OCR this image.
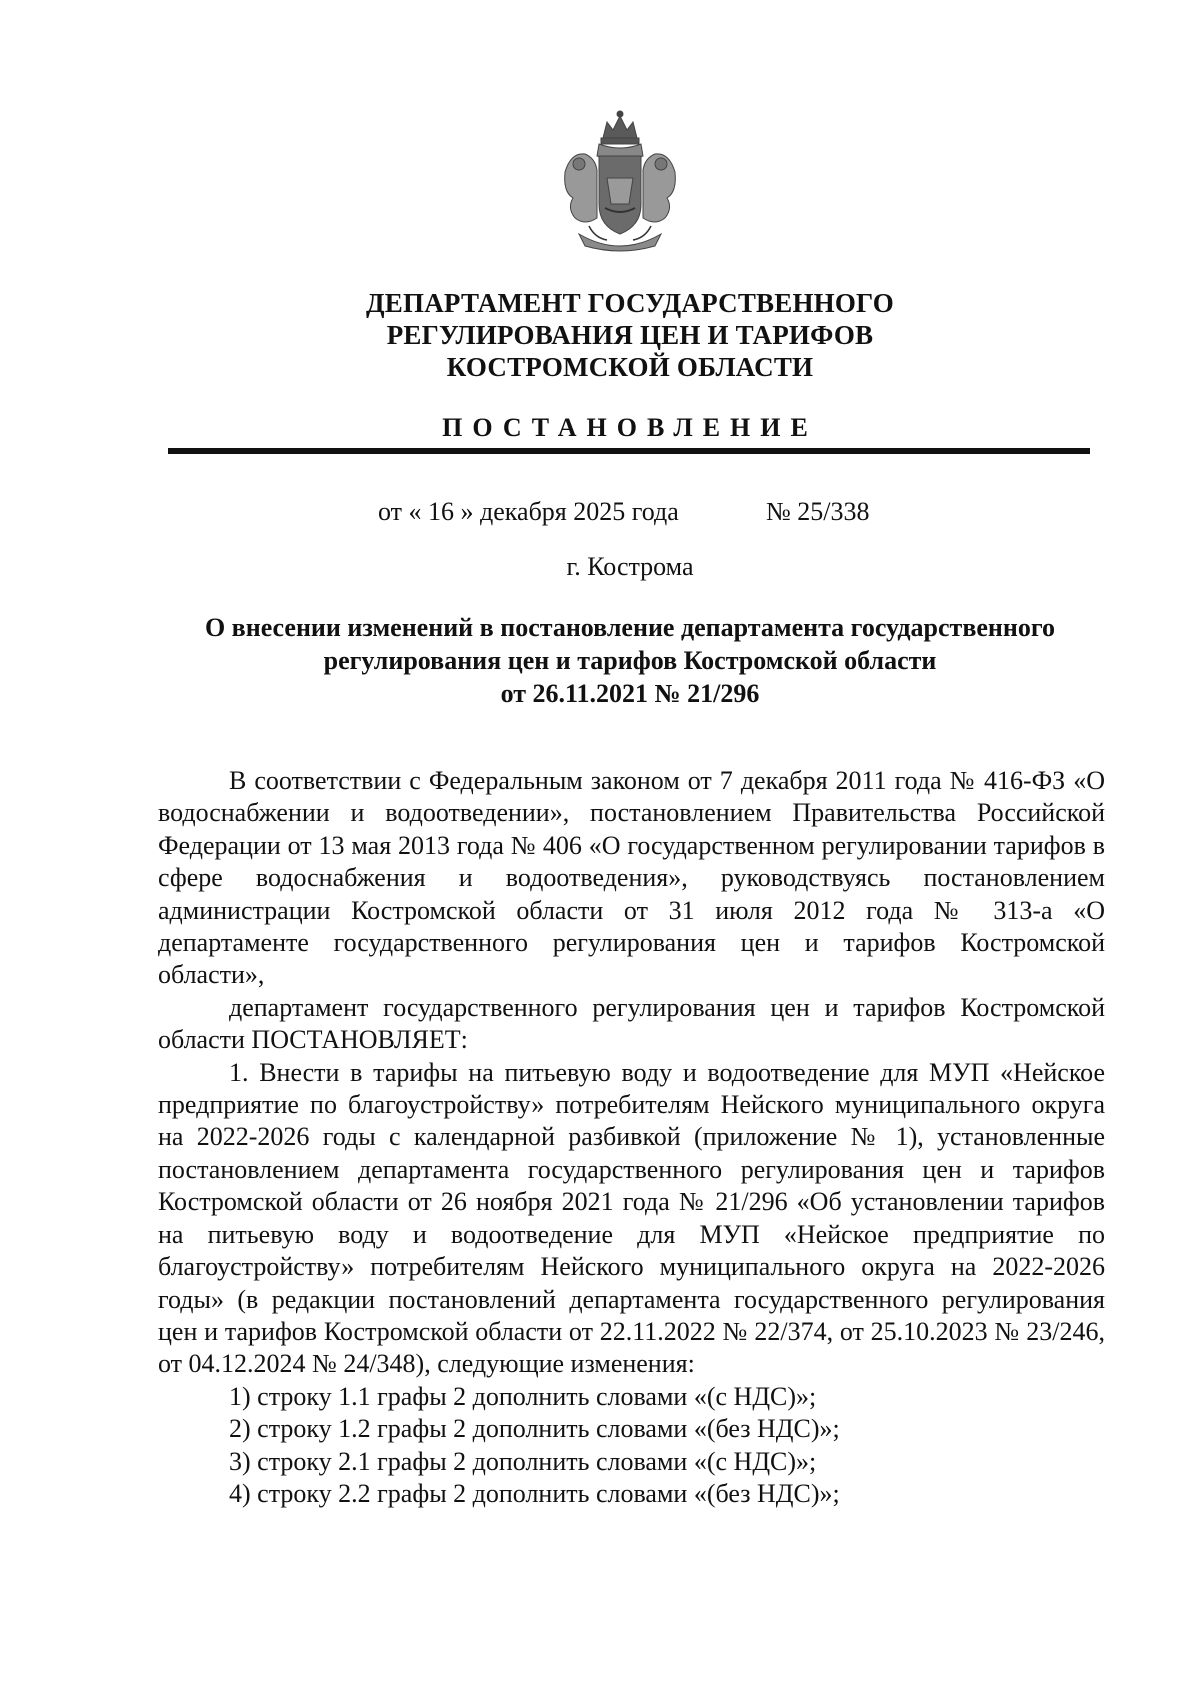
ДЕПАРТАМЕНТ ГОСУДАРСТВЕННОГО
РЕГУЛИРОВАНИЯ ЦЕН И ТАРИФОВ
КОСТРОМСКОЙ ОБЛАСТИ
ПОСТАНОВЛЕНИЕ
от « 16 » декабря 2025 года	№ 25/338
г. Кострома
О внесении изменений в постановление департамента государственного
регулирования цен и тарифов Костромской области
от 26.11.2021 № 21/296

В соответствии с Федеральным законом от 7 декабря 2011 года № 416-ФЗ «О водоснабжении и водоотведении», постановлением Правительства Российской Федерации от 13 мая 2013 года № 406 «О государственном регулировании тарифов в сфере водоснабжения и водоотведения», руководствуясь постановлением администрации Костромской области от 31 июля 2012 года № 313-а «О департаменте государственного регулирования цен и тарифов Костромской области»,

департамент государственного регулирования цен и тарифов Костромской области ПОСТАНОВЛЯЕТ:

1. Внести в тарифы на питьевую воду и водоотведение для МУП «Нейское предприятие по благоустройству» потребителям Нейского муниципального округа на 2022-2026 годы с календарной разбивкой (приложение № 1), установленные постановлением департамента государственного регулирования цен и тарифов Костромской области от 26 ноября 2021 года № 21/296 «Об установлении тарифов на питьевую воду и водоотведение для МУП «Нейское предприятие по благоустройству» потребителям Нейского муниципального округа на 2022-2026 годы» (в редакции постановлений департамента государственного регулирования цен и тарифов Костромской области от 22.11.2022 № 22/374, от 25.10.2023 № 23/246, от 04.12.2024 № 24/348), следующие изменения:

1) строку 1.1 графы 2 дополнить словами «(с НДС)»;

2) строку 1.2 графы 2 дополнить словами «(без НДС)»;

3) строку 2.1 графы 2 дополнить словами «(с НДС)»;

4) строку 2.2 графы 2 дополнить словами «(без НДС)»;
